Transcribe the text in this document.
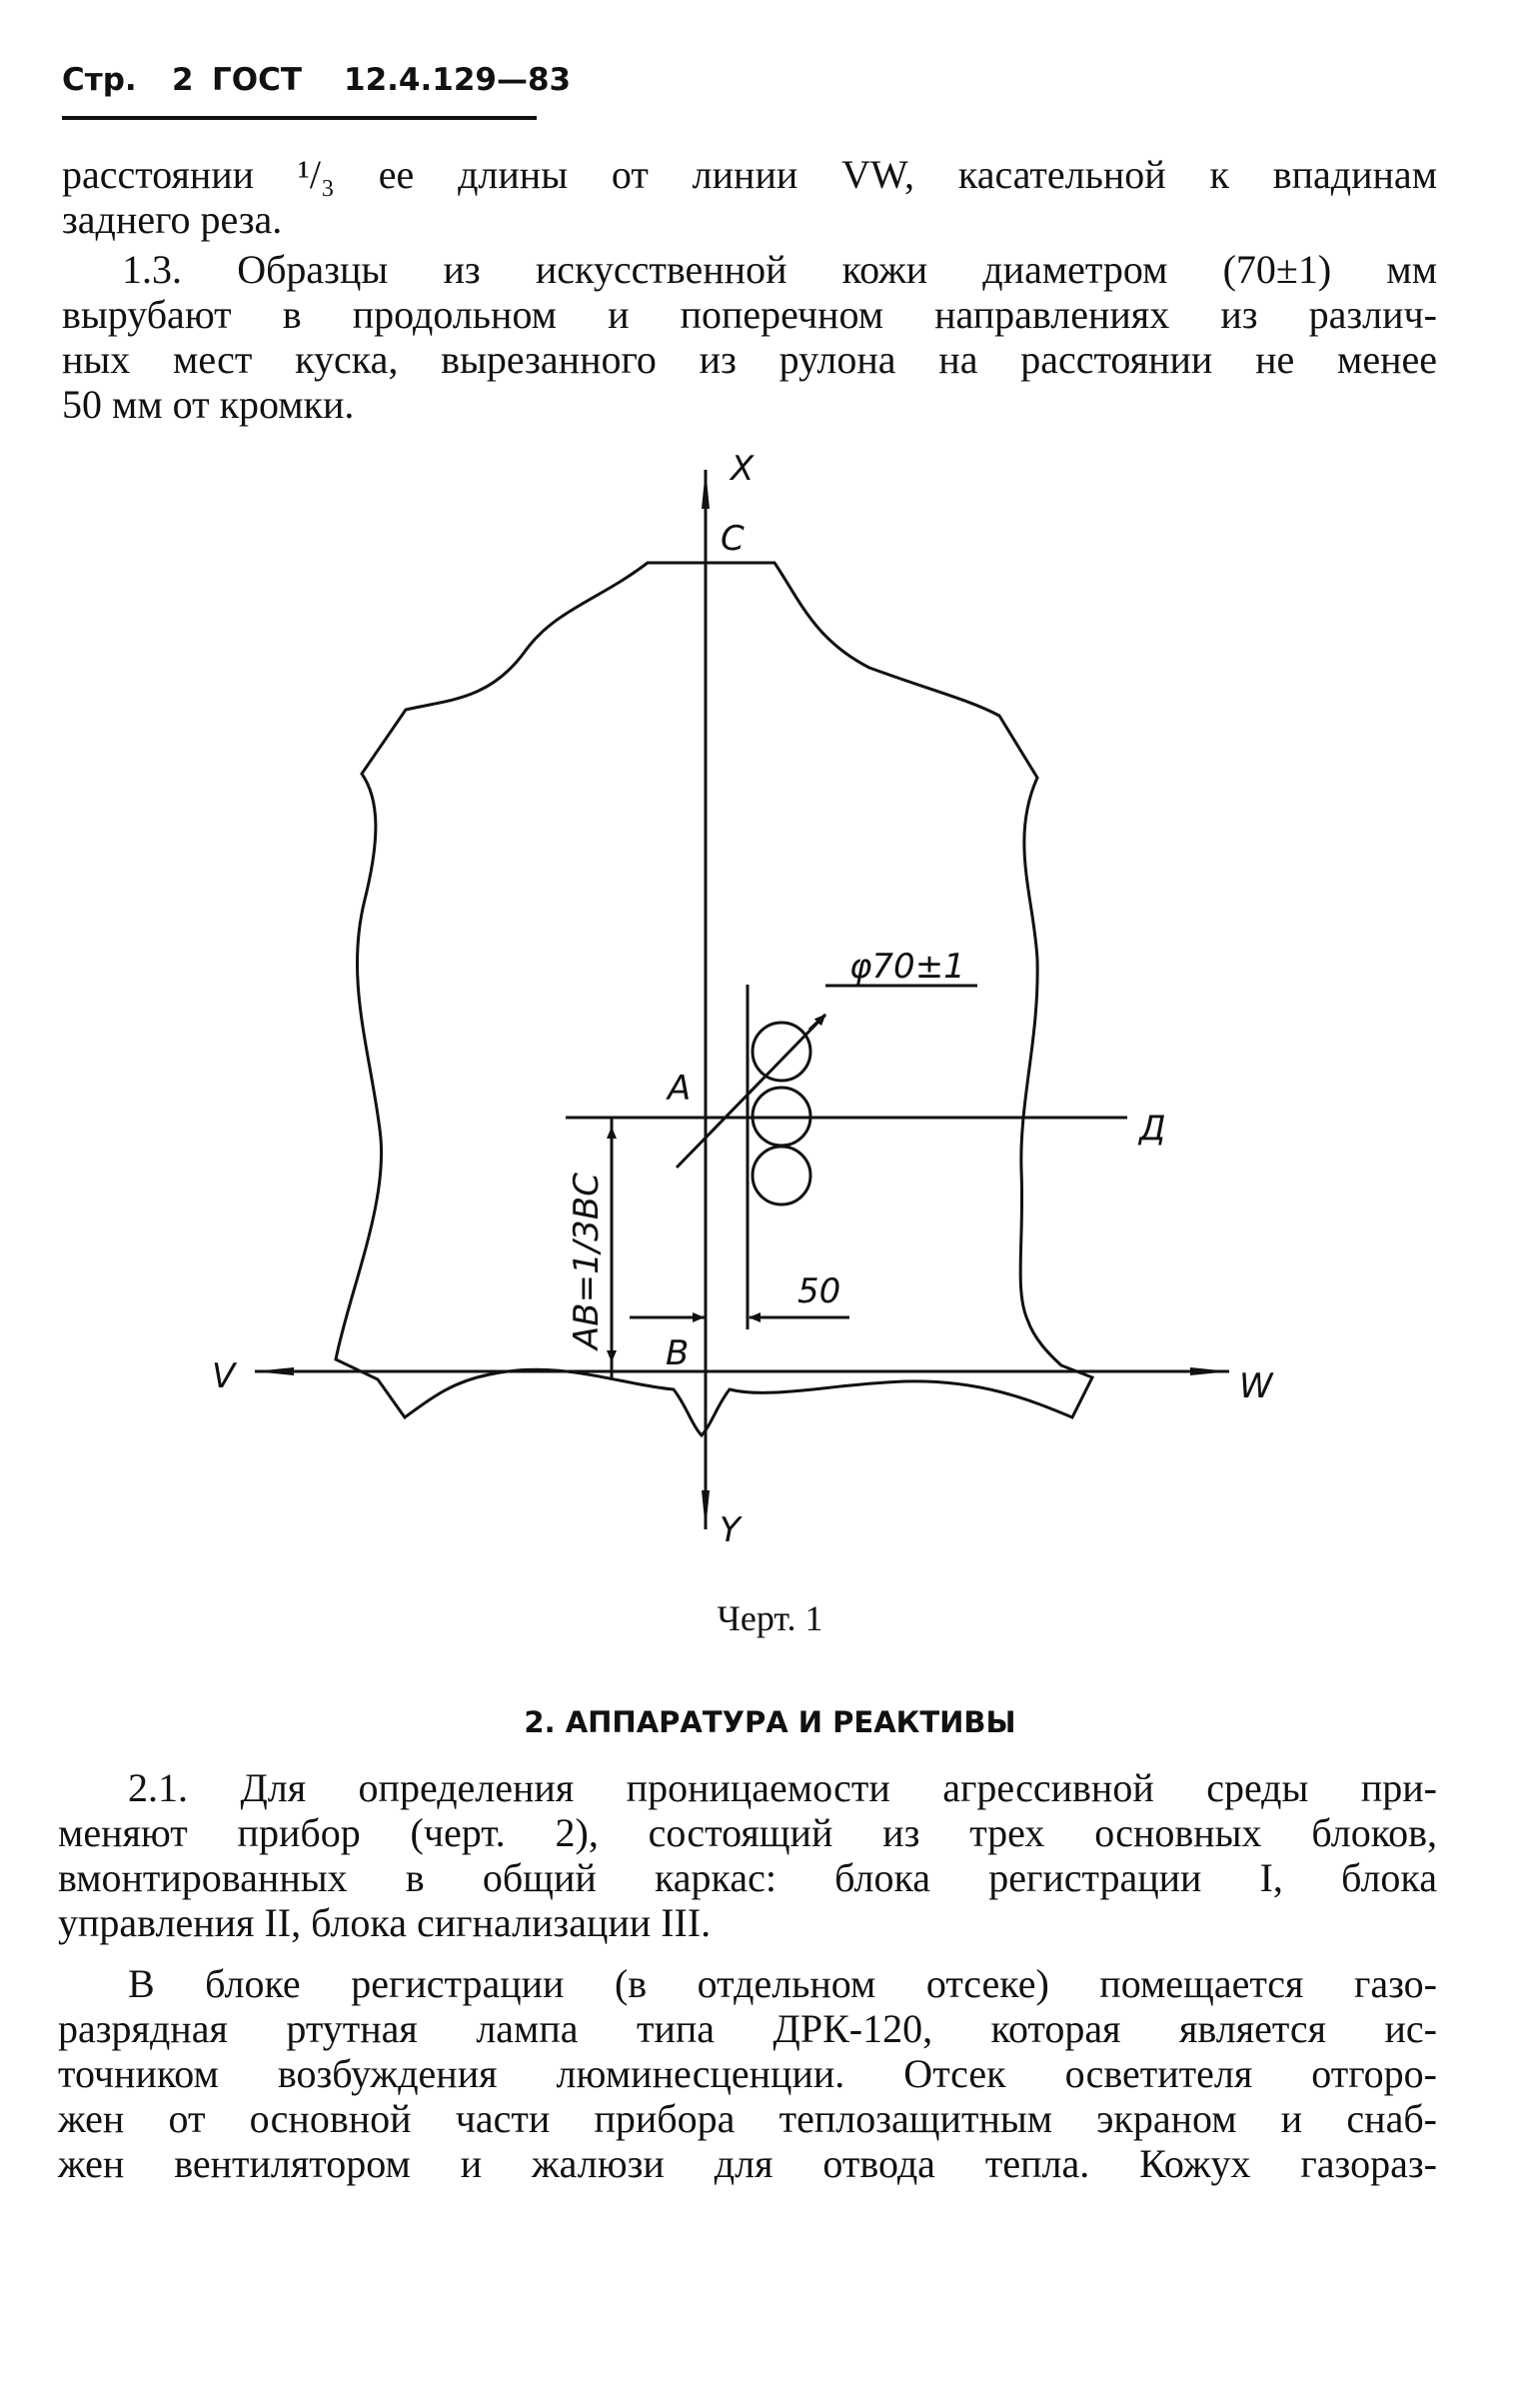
Стр. 2 ГОСТ 12.4.129—83
расстоянии ¹/₃ ее длины от линии VW, касательной к впадинам
заднего реза.
1.3. Образцы из искусственной кожи диаметром (70±1) мм
вырубают в продольном и поперечном направлениях из различ-
ных мест куска, вырезанного из рулона на расстоянии не менее
50 мм от кромки.
X
C
φ70±1
A
Д
AB=1/3BC	50
B
V	W
Y
Черт. 1
2. АППАРАТУРА И РЕАКТИВЫ
2.1. Для определения проницаемости агрессивной среды при-
меняют прибор (черт. 2), состоящий из трех основных блоков,
вмонтированных в общий каркас: блока регистрации I, блока
управления II, блока сигнализации III.
В блоке регистрации (в отдельном отсеке) помещается газо-
разрядная ртутная лампа типа ДРК-120, которая является ис-
точником возбуждения люминесценции. Отсек осветителя отгоро-
жен от основной части прибора теплозащитным экраном и снаб-
жен вентилятором и жалюзи для отвода тепла. Кожух газораз-
